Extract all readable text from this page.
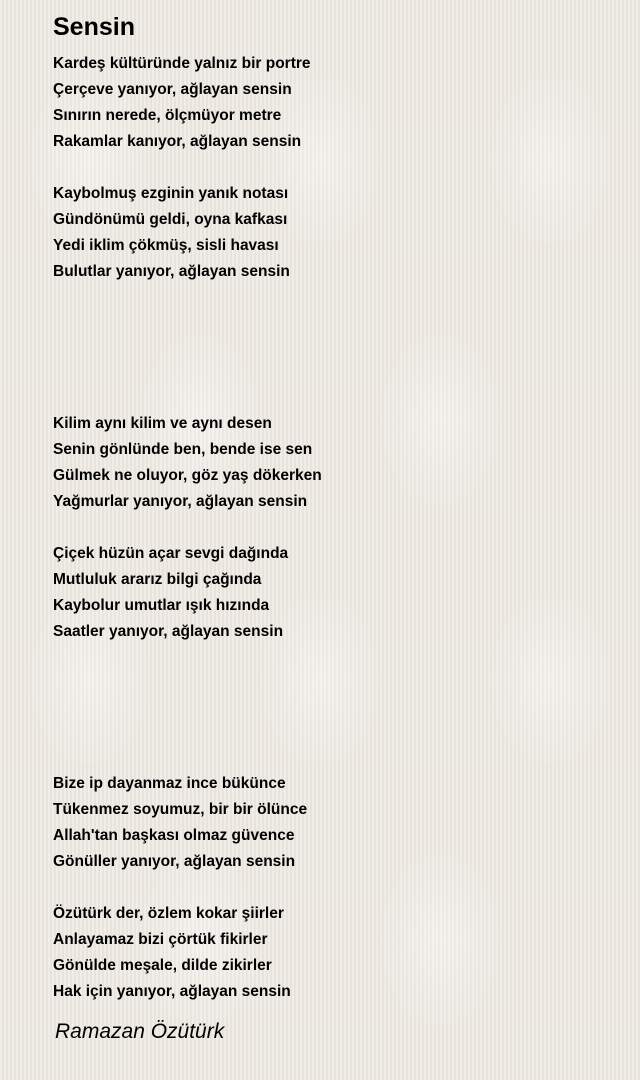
Sensin
Kardeş kültüründe yalnız bir portre
Çerçeve yanıyor, ağlayan sensin
Sınırın nerede, ölçmüyor metre
Rakamlar kanıyor, ağlayan sensin
Kaybolmuş ezginin yanık notası
Gündönümü geldi, oyna kafkası
Yedi iklim çökmüş, sisli havası
Bulutlar yanıyor, ağlayan sensin
Kilim aynı kilim ve aynı desen
Senin gönlünde ben, bende ise sen
Gülmek ne oluyor, göz yaş dökerken
Yağmurlar yanıyor, ağlayan sensin
Çiçek hüzün açar sevgi dağında
Mutluluk ararız bilgi çağında
Kaybolur umutlar ışık hızında
Saatler yanıyor, ağlayan sensin
Bize ip dayanmaz ince bükünce
Tükenmez soyumuz, bir bir ölünce
Allah'tan başkası olmaz güvence
Gönüller yanıyor, ağlayan sensin
Özütürk der, özlem kokar şiirler
Anlayamaz bizi çörtük fikirler
Gönülde meşale, dilde zikirler
Hak için yanıyor, ağlayan sensin
Ramazan Özütürk
